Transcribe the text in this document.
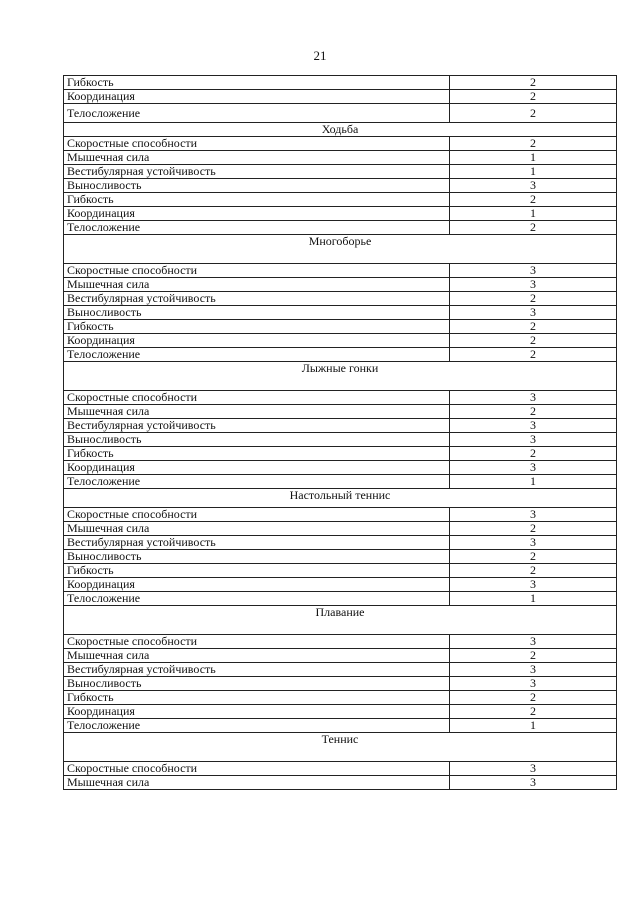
21
Гибкость	2
Координация	2
Телосложение	2
Ходьба	
Скоростные способности	2
Мышечная сила	1
Вестибулярная устойчивость	1
Выносливость	3
Гибкость	2
Координация	1
Телосложение	2
Многоборье	
Скоростные способности	3
Мышечная сила	3
Вестибулярная устойчивость	2
Выносливость	3
Гибкость	2
Координация	2
Телосложение	2
Лыжные гонки	
Скоростные способности	3
Мышечная сила	2
Вестибулярная устойчивость	3
Выносливость	3
Гибкость	2
Координация	3
Телосложение	1
Настольный теннис	
Скоростные способности	3
Мышечная сила	2
Вестибулярная устойчивость	3
Выносливость	2
Гибкость	2
Координация	3
Телосложение	1
Плавание	
Скоростные способности	3
Мышечная сила	2
Вестибулярная устойчивость	3
Выносливость	3
Гибкость	2
Координация	2
Телосложение	1
Теннис	
Скоростные способности	3
Мышечная сила	3
